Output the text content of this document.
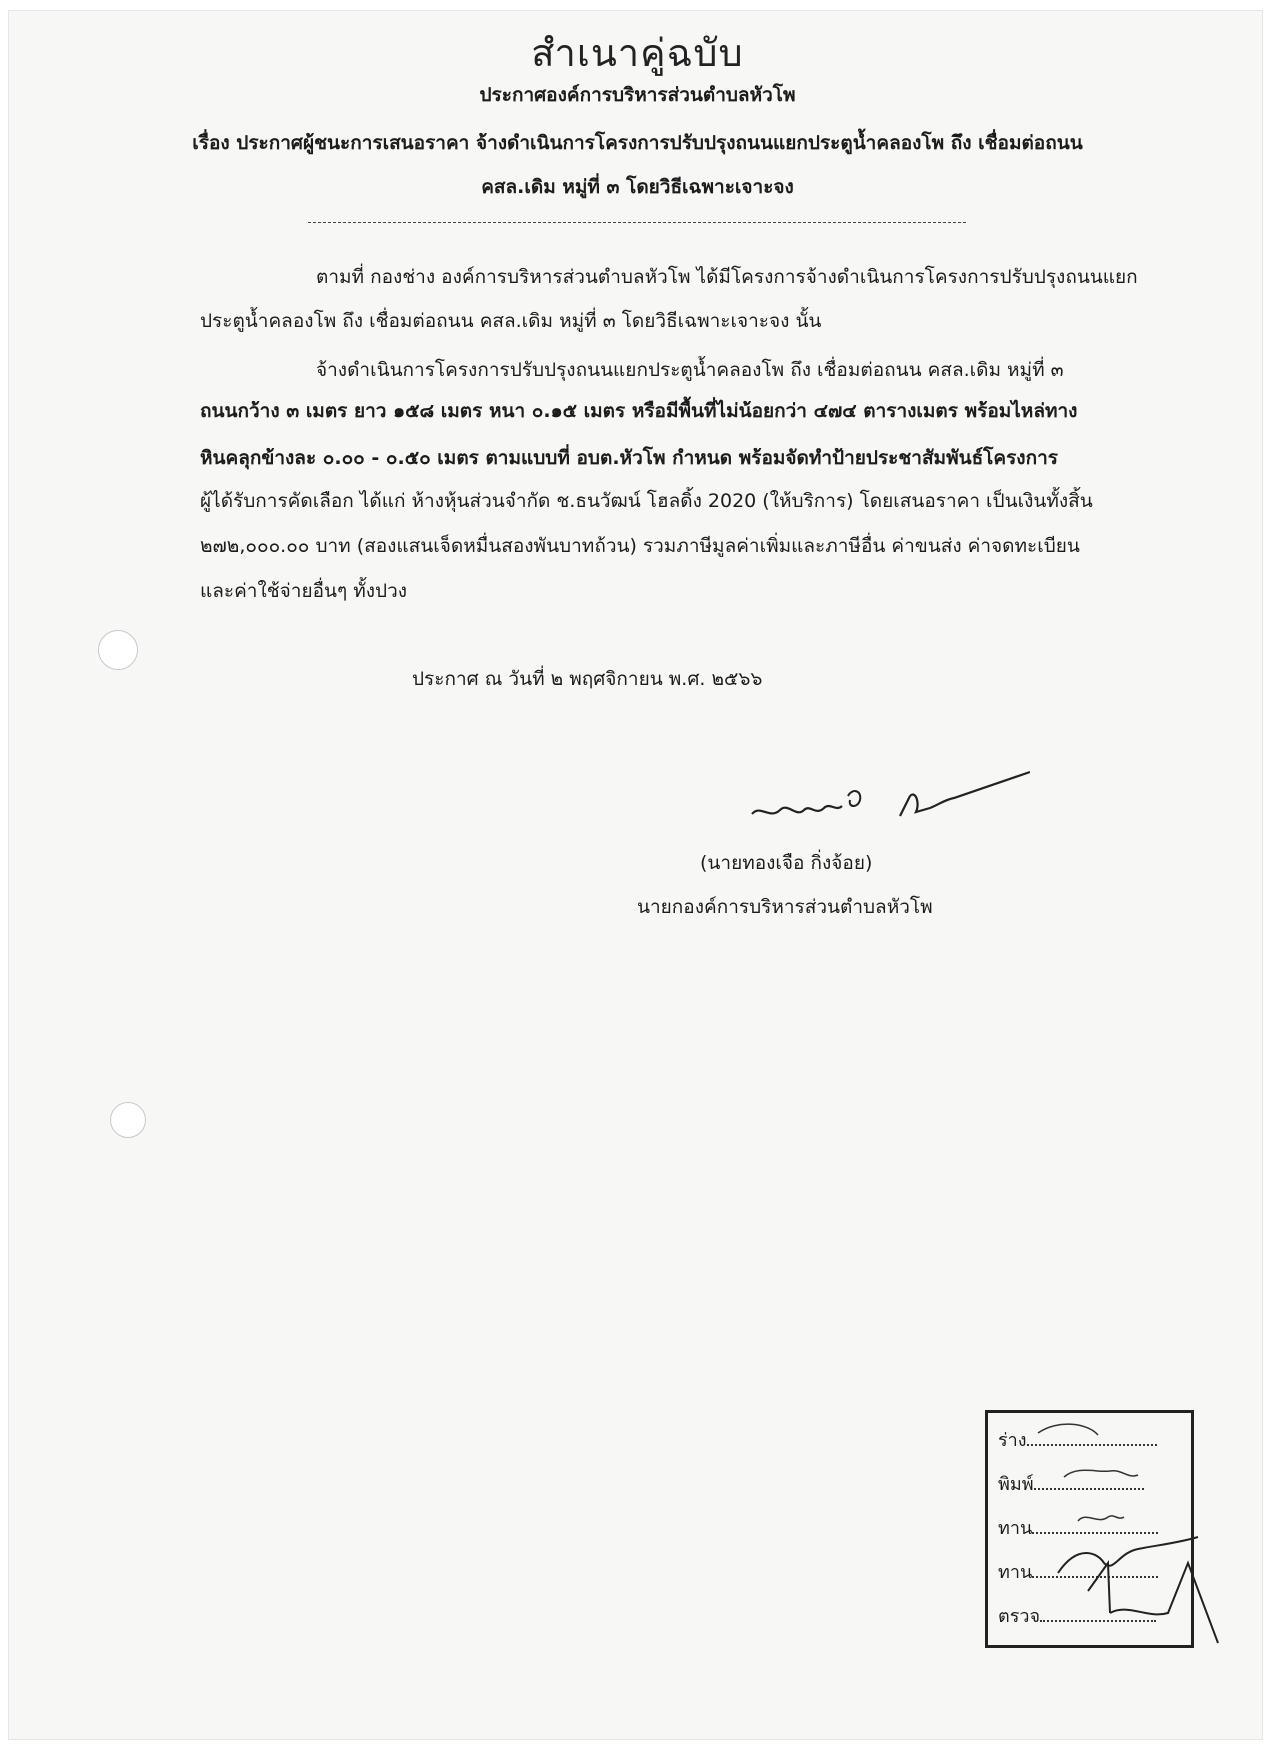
สำเนาคู่ฉบับ
ประกาศองค์การบริหารส่วนตำบลหัวโพ
เรื่อง ประกาศผู้ชนะการเสนอราคา จ้างดำเนินการโครงการปรับปรุงถนนแยกประตูน้ำคลองโพ ถึง เชื่อมต่อถนน
คสล.เดิม หมู่ที่ ๓ โดยวิธีเฉพาะเจาะจง
ตามที่ กองช่าง องค์การบริหารส่วนตำบลหัวโพ ได้มีโครงการจ้างดำเนินการโครงการปรับปรุงถนนแยก
ประตูน้ำคลองโพ ถึง เชื่อมต่อถนน คสล.เดิม หมู่ที่ ๓ โดยวิธีเฉพาะเจาะจง นั้น
จ้างดำเนินการโครงการปรับปรุงถนนแยกประตูน้ำคลองโพ ถึง เชื่อมต่อถนน คสล.เดิม หมู่ที่ ๓
ถนนกว้าง ๓ เมตร ยาว ๑๕๘ เมตร หนา ๐.๑๕ เมตร หรือมีพื้นที่ไม่น้อยกว่า ๔๗๔ ตารางเมตร พร้อมไหล่ทาง
หินคลุกข้างละ ๐.๐๐ - ๐.๕๐ เมตร ตามแบบที่ อบต.หัวโพ กำหนด พร้อมจัดทำป้ายประชาสัมพันธ์โครงการ
ผู้ได้รับการคัดเลือก ได้แก่ ห้างหุ้นส่วนจำกัด ช.ธนวัฒน์ โฮลดิ้ง 2020 (ให้บริการ) โดยเสนอราคา เป็นเงินทั้งสิ้น
๒๗๒,๐๐๐.๐๐ บาท (สองแสนเจ็ดหมื่นสองพันบาทถ้วน) รวมภาษีมูลค่าเพิ่มและภาษีอื่น ค่าขนส่ง ค่าจดทะเบียน
และค่าใช้จ่ายอื่นๆ ทั้งปวง
ประกาศ ณ วันที่ ๒ พฤศจิกายน พ.ศ. ๒๕๖๖
(นายทองเจือ กิ่งจ้อย)
นายกองค์การบริหารส่วนตำบลหัวโพ
ร่าง
พิมพ์
ทาน
ทาน
ตรวจ
